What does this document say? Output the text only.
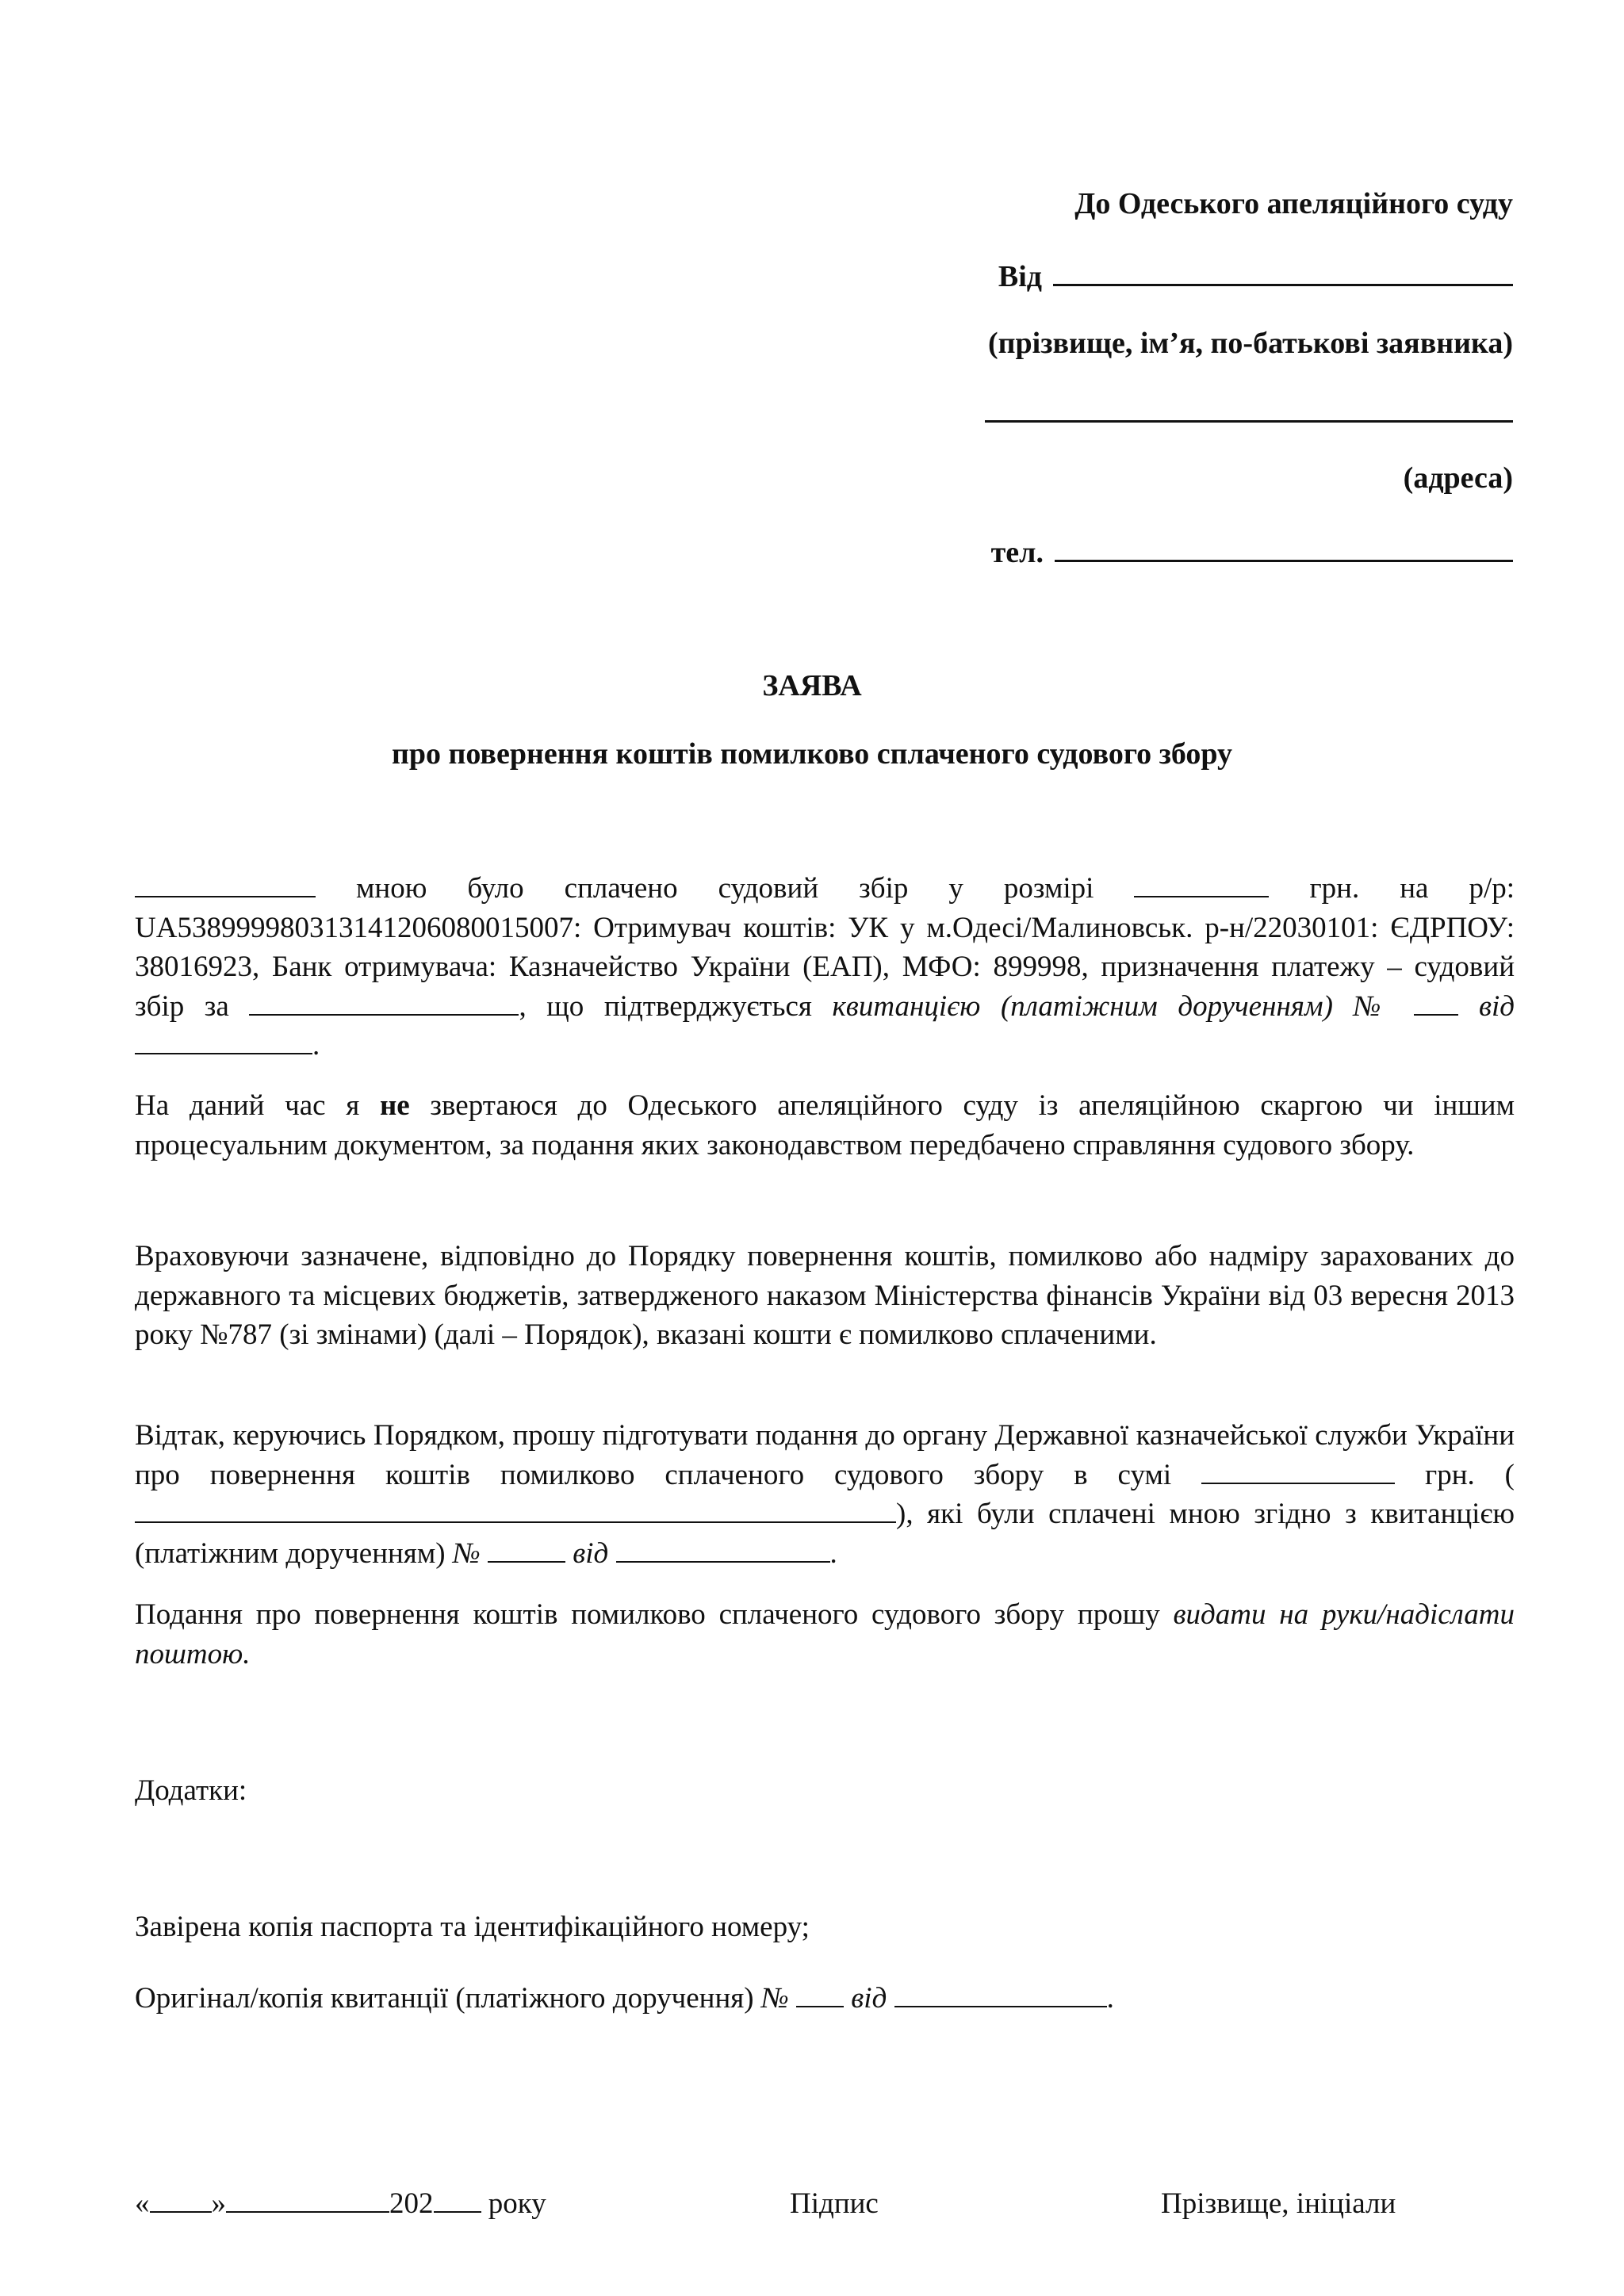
До Одеського апеляційного суду
Від
(прізвище, ім’я, по-батькові заявника)
(адреса)
тел.
ЗАЯВА
про повернення коштів помилково сплаченого судового збору
мною було сплачено судовий збір у розмірі	грн. на р/р: UA538999980313141206080015007: Отримувач коштів: УК у м.Одесі/Малиновськ. р-н/22030101: ЄДРПОУ: 38016923, Банк отримувача: Казначейство України (ЕАП), МФО: 899998, призначення платежу – судовий збір за	, що підтверджується квитанцією (платіжним дорученням) №	від .
На даний час я не звертаюся до Одеського апеляційного суду із апеляційною скаргою чи іншим процесуальним документом, за подання яких законодавством передбачено справляння судового збору.
Враховуючи зазначене, відповідно до Порядку повернення коштів, помилково або надміру зарахованих до державного та місцевих бюджетів, затвердженого наказом Міністерства фінансів України від 03 вересня 2013 року №787 (зі змінами) (далі – Порядок), вказані кошти є помилково сплаченими.
Відтак, керуючись Порядком, прошу підготувати подання до органу Державної казначейської служби України про повернення коштів помилково сплаченого судового збору в сумі	грн. (), які були сплачені мною згідно з квитанцією (платіжним дорученням) №	від	.
Подання про повернення коштів помилково сплаченого судового збору прошу видати на руки/надіслати поштою.
Додатки:
Завірена копія паспорта та ідентифікаційного номеру;
Оригінал/копія квитанції (платіжного доручення) № від	.
« »	202 року	Підпис	Прізвище, ініціали
